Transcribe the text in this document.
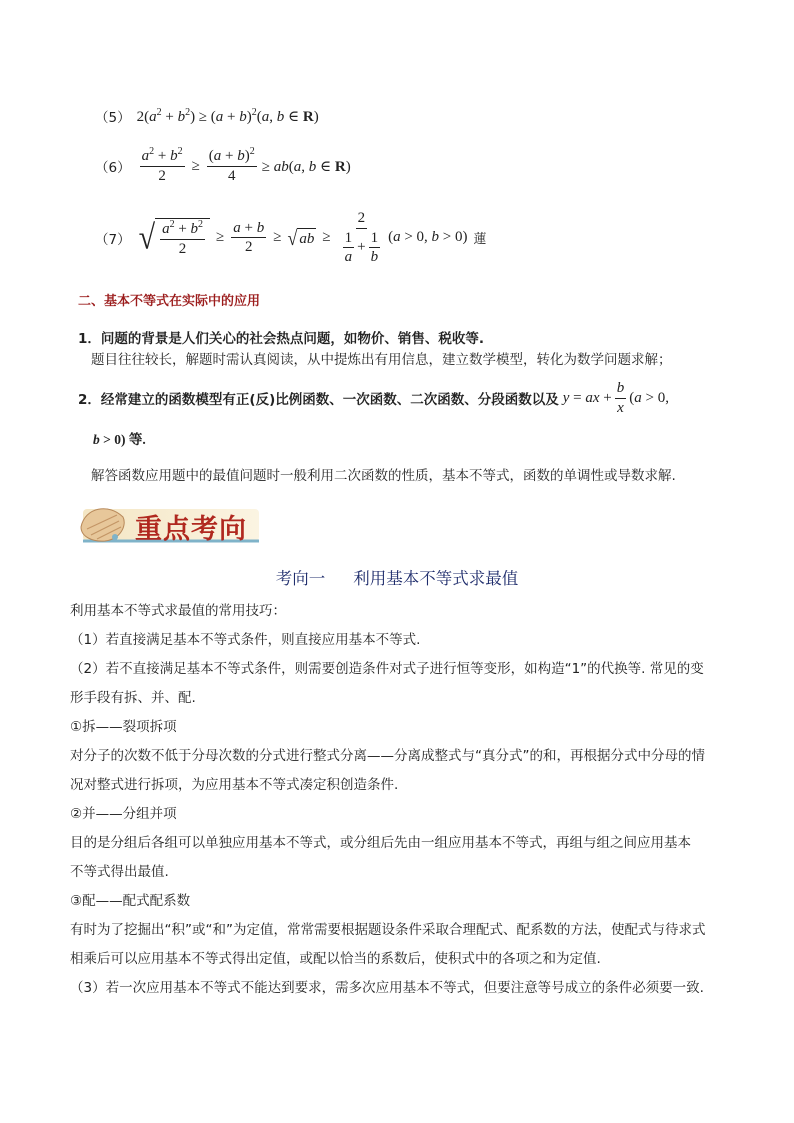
（5） $2(a^2 + b^2) \ge (a + b)^2(a$, b ∈ R)
$(6) \frac{a^2 + b^2}{2} \ge \frac{(a + b)^2}{4} \ge ab(a$, b ∈ R)
（7） √ $\frac{a^2 + b^2}{2} \ge \frac{a + b}{2}$ ≥ √ ab ≥ $\frac{2}{\frac{1}{a} + \frac{1}{b}} (a > 0$, b > 0) 蓮
二、基本不等式在实际中的应用
1．问题的背景是人们关心的社会热点问题，如物价、销售、税收等.
题目往往较长，解题时需认真阅读，从中提炼出有用信息，建立数学模型，转化为数学问题求解；
2．经常建立的函数模型有正(反)比例函数、一次函数、二次函数、分段函数以及 y = ax + $\frac{b}{x}$ ( a > 0,
b > 0) 等.
解答函数应用题中的最值问题时一般利用二次函数的性质，基本不等式，函数的单调性或导数求解.
重点考向
考向一 利用基本不等式求最值
利用基本不等式求最值的常用技巧：
（1）若直接满足基本不等式条件，则直接应用基本不等式.
（2）若不直接满足基本不等式条件，则需要创造条件对式子进行恒等变形，如构造“1”的代换等. 常见的变
形手段有拆、并、配.
①拆——裂项拆项
对分子的次数不低于分母次数的分式进行整式分离——分离成整式与“真分式”的和，再根据分式中分母的情
况对整式进行拆项，为应用基本不等式凑定积创造条件.
②并——分组并项
目的是分组后各组可以单独应用基本不等式，或分组后先由一组应用基本不等式，再组与组之间应用基本
不等式得出最值.
③配——配式配系数
有时为了挖掘出“积”或“和”为定值，常常需要根据题设条件采取合理配式、配系数的方法，使配式与待求式
相乘后可以应用基本不等式得出定值，或配以恰当的系数后，使积式中的各项之和为定值.
（3）若一次应用基本不等式不能达到要求，需多次应用基本不等式，但要注意等号成立的条件必须要一致.
